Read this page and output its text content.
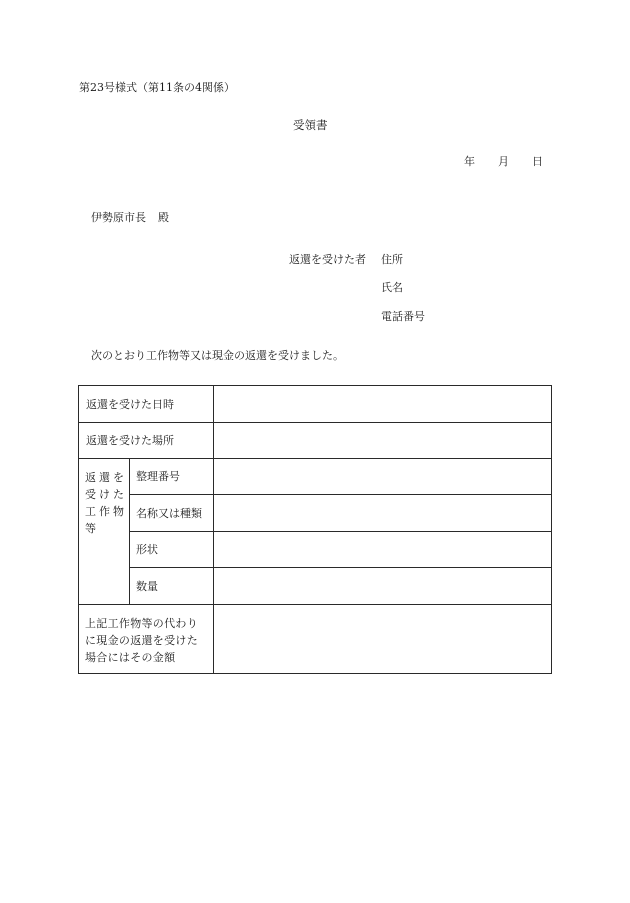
第23号様式（第11条の4関係）
受領書
年 月 日
伊勢原市長 殿
返還を受けた者 住所
氏名
電話番号
次のとおり工作物等又は現金の返還を受けました。
返還を受けた日時
返還を受けた場所
返還を
受けた
工作物
等
整理番号
名称又は種類
形状
数量
上記工作物等の代わり
に現金の返還を受けた
場合にはその金額
